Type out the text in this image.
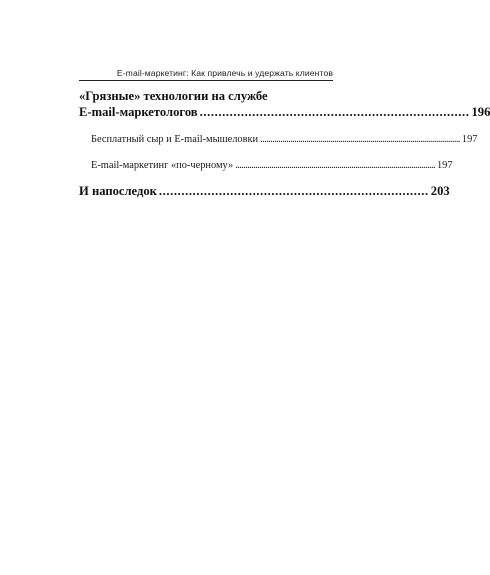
E-mail-маркетинг: Как привлечь и удержать клиентов
«Грязные» технологии на службе
E-mail-маркетологов ........................................................................ 196
Бесплатный сыр и E-mail-мышеловки .................................................................................................... 197
E-mail-маркетинг «по-черному» .................................................................................................... 197
И напоследок ........................................................................ 203
